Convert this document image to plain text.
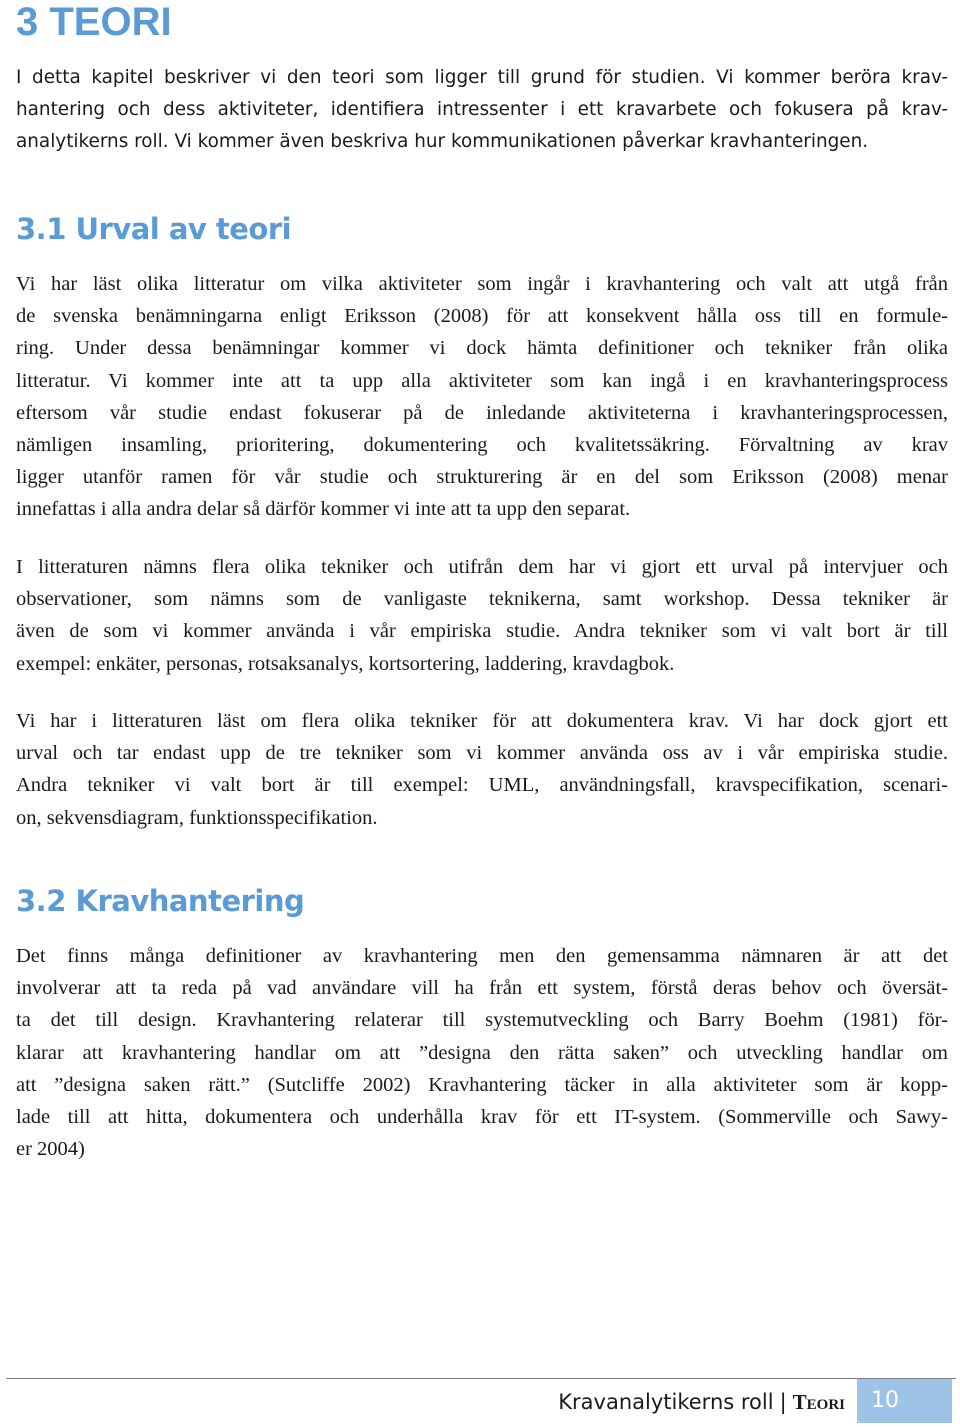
3 TEORI

I detta kapitel beskriver vi den teori som ligger till grund för studien. Vi kommer beröra krav-
hantering och dess aktiviteter, identifiera intressenter i ett kravarbete och fokusera på krav-
analytikerns roll. Vi kommer även beskriva hur kommunikationen påverkar kravhanteringen.

3.1 Urval av teori

Vi har läst olika litteratur om vilka aktiviteter som ingår i kravhantering och valt att utgå från
de svenska benämningarna enligt Eriksson (2008) för att konsekvent hålla oss till en formule-
ring. Under dessa benämningar kommer vi dock hämta definitioner och tekniker från olika
litteratur. Vi kommer inte att ta upp alla aktiviteter som kan ingå i en kravhanteringsprocess
eftersom vår studie endast fokuserar på de inledande aktiviteterna i kravhanteringsprocessen,
nämligen insamling, prioritering, dokumentering och kvalitetssäkring. Förvaltning av krav
ligger utanför ramen för vår studie och strukturering är en del som Eriksson (2008) menar
innefattas i alla andra delar så därför kommer vi inte att ta upp den separat.

I litteraturen nämns flera olika tekniker och utifrån dem har vi gjort ett urval på intervjuer och
observationer, som nämns som de vanligaste teknikerna, samt workshop. Dessa tekniker är
även de som vi kommer använda i vår empiriska studie. Andra tekniker som vi valt bort är till
exempel: enkäter, personas, rotsaksanalys, kortsortering, laddering, kravdagbok.

Vi har i litteraturen läst om flera olika tekniker för att dokumentera krav. Vi har dock gjort ett
urval och tar endast upp de tre tekniker som vi kommer använda oss av i vår empiriska studie.
Andra tekniker vi valt bort är till exempel: UML, användningsfall, kravspecifikation, scenari-
on, sekvensdiagram, funktionsspecifikation.

3.2 Kravhantering

Det finns många definitioner av kravhantering men den gemensamma nämnaren är att det
involverar att ta reda på vad användare vill ha från ett system, förstå deras behov och översät-
ta det till design. Kravhantering relaterar till systemutveckling och Barry Boehm (1981) för-
klarar att kravhantering handlar om att ”designa den rätta saken” och utveckling handlar om
att ”designa saken rätt.” (Sutcliffe 2002) Kravhantering täcker in alla aktiviteter som är kopp-
lade till att hitta, dokumentera och underhålla krav för ett IT-system. (Sommerville och Sawy-
er 2004)

Kravanalytikerns roll | Teori 10
